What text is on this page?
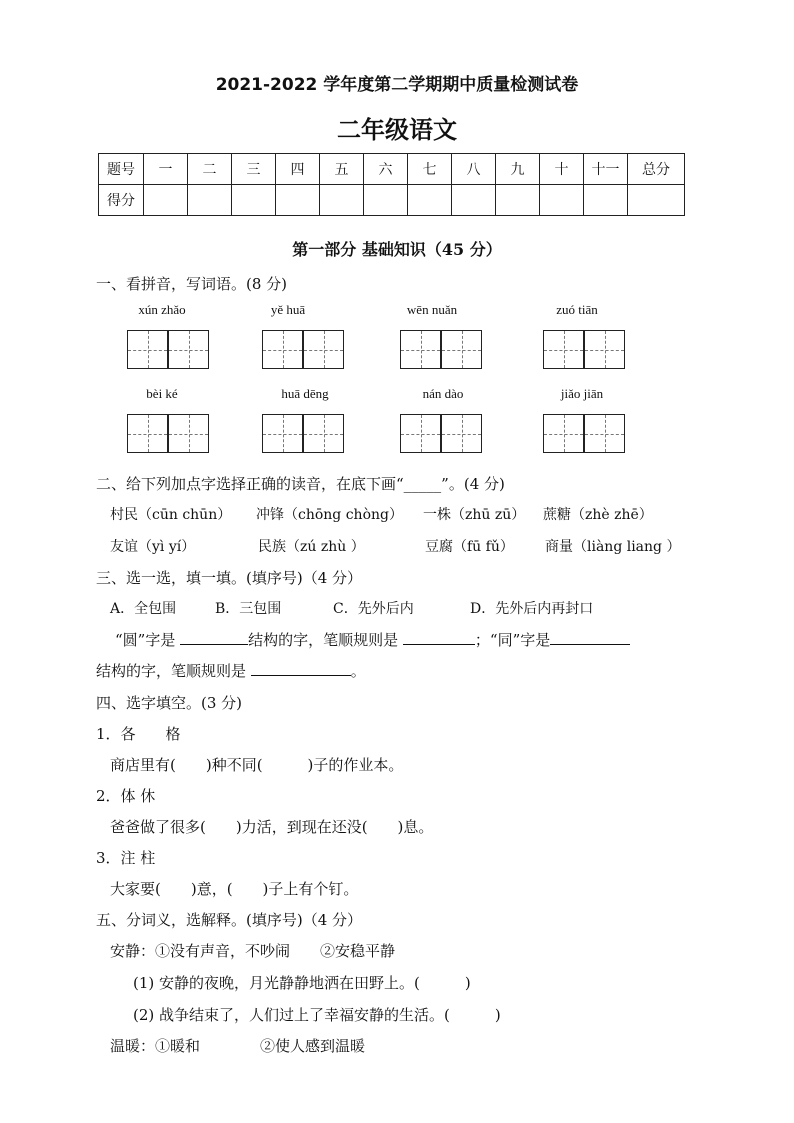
2021-2022 学年度第二学期期中质量检测试卷
二年级语文
题号	一	二	三	四	五	六	七	八	九	十	十一	总分
得分												
第一部分 基础知识（45 分）
一、看拼音，写词语。(8 分)
xún zhǎo	yě huā	wēn nuǎn	zuó tiān
bèi ké	huā dēng	nán dào	jiǎo jiān
二、给下列加点字选择正确的读音，在底下画“_____”。(4 分)
村民（cūn chūn） 冲锋（chōng chòng） 一株（zhū zū） 蔗糖（zhè zhē）
友谊（yì yí）	民族（zú zhù ）	豆腐（fū fǔ） 商量（liàng liang ）
三、选一选，填一填。(填序号)（4 分）
A．全包围	B．三包围	C．先外后内	D．先外后内再封口
“圆”字是	结构的字，笔顺规则是	；“同”字是
结构的字，笔顺规则是	。
四、选字填空。(3 分)
1．各　　格
商店里有(　　)种不同(　　　)子的作业本。
2．体 休
爸爸做了很多(　　)力活，到现在还没(　　)息。
3．注 柱
大家要(　　)意，(　　)子上有个钉。
五、分词义，选解释。(填序号)（4 分）
安静：①没有声音，不吵闹　　②安稳平静
(1) 安静的夜晚，月光静静地洒在田野上。(　　　)
(2) 战争结束了，人们过上了幸福安静的生活。(　　　)
温暖：①暖和　　　　②使人感到温暖
